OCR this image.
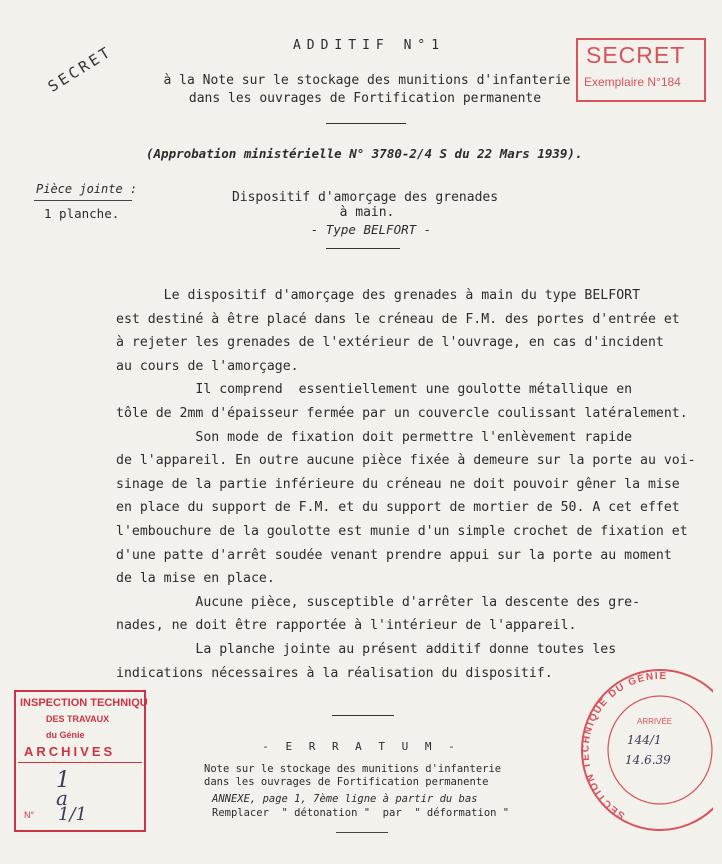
SECRET	SECRET
Exemplaire N°184
ADDITIF N°1
à la Note sur le stockage des munitions d'infanterie
dans les ouvrages de Fortification permanente
(Approbation ministérielle N° 3780-2/4 S du 22 Mars 1939).
Pièce jointe :
1 planche.
Dispositif d'amorçage des grenades
à main.
- Type BELFORT -
Le dispositif d'amorçage des grenades à main du type BELFORT
est destiné à être placé dans le créneau de F.M. des portes d'entrée et
à rejeter les grenades de l'extérieur de l'ouvrage, en cas d'incident
au cours de l'amorçage.
Il comprend  essentiellement une goulotte métallique en
tôle de 2mm d'épaisseur fermée par un couvercle coulissant latéralement.
Son mode de fixation doit permettre l'enlèvement rapide
de l'appareil. En outre aucune pièce fixée à demeure sur la porte au voi-
sinage de la partie inférieure du créneau ne doit pouvoir gêner la mise
en place du support de F.M. et du support de mortier de 50. A cet effet
l'embouchure de la goulotte est munie d'un simple crochet de fixation et
d'une patte d'arrêt soudée venant prendre appui sur la porte au moment
de la mise en place.
Aucune pièce, susceptible d'arrêter la descente des gre-
nades, ne doit être rapportée à l'intérieur de l'appareil.
La planche jointe au présent additif donne toutes les
indications nécessaires à la réalisation du dispositif.
- E R R A T U M -
Note sur le stockage des munitions d'infanterie
dans les ouvrages de Fortification permanente
ANNEXE, page 1, 7ème ligne à partir du bas
Remplacer  " détonation "  par  " déformation "
INSPECTION TECHNIQU
DES TRAVAUX
du Génie
ARCHIVES
1
a
1/1
N°	SECTION TECHNIQUE DU GÉNIE
ARRIVÉE
144/1
14.6.39
